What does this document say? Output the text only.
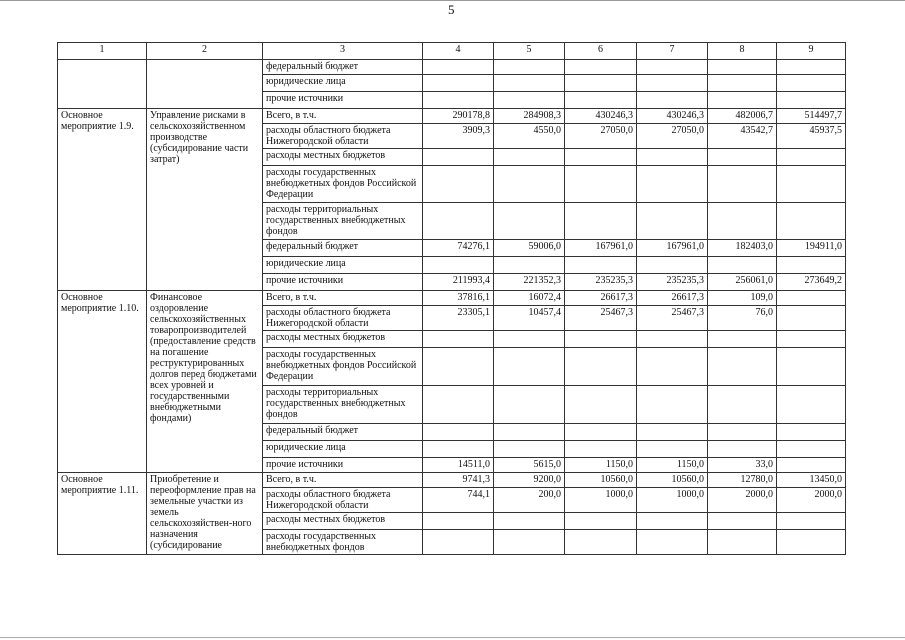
5
1	2	3	4	5	6	7	8	9
		федеральный бюджет						
		юридические лица						
		прочие источники						
Основное мероприятие 1.9.	Управление рисками в сельскохозяйственном производстве (субсидирование части затрат)	Всего, в т.ч.	290178,8	284908,3	430246,3	430246,3	482006,7	514497,7
		расходы областного бюджета Нижегородской области	3909,3	4550,0	27050,0	27050,0	43542,7	45937,5
		расходы местных бюджетов						
		расходы государственных внебюджетных фондов Российской Федерации						
		расходы территориальных государственных внебюджетных фондов						
		федеральный бюджет	74276,1	59006,0	167961,0	167961,0	182403,0	194911,0
		юридические лица						
		прочие источники	211993,4	221352,3	235235,3	235235,3	256061,0	273649,2
Основное мероприятие 1.10.	Финансовое оздоровление сельскохозяйственных товаропроизводителей (предоставление средств на погашение реструктурированных долгов перед бюджетами всех уровней и государственными внебюджетными фондами)	Всего, в т.ч.	37816,1	16072,4	26617,3	26617,3	109,0	
		расходы областного бюджета Нижегородской области	23305,1	10457,4	25467,3	25467,3	76,0	
		расходы местных бюджетов						
		расходы государственных внебюджетных фондов Российской Федерации						
		расходы территориальных государственных внебюджетных фондов						
		федеральный бюджет						
		юридические лица						
		прочие источники	14511,0	5615,0	1150,0	1150,0	33,0	
Основное мероприятие 1.11.	Приобретение и переоформление прав на земельные участки из земель сельскохозяйствен-ного назначения (субсидирование	Всего, в т.ч.	9741,3	9200,0	10560,0	10560,0	12780,0	13450,0
		расходы областного бюджета Нижегородской области	744,1	200,0	1000,0	1000,0	2000,0	2000,0
		расходы местных бюджетов						
		расходы государственных внебюджетных фондов						
